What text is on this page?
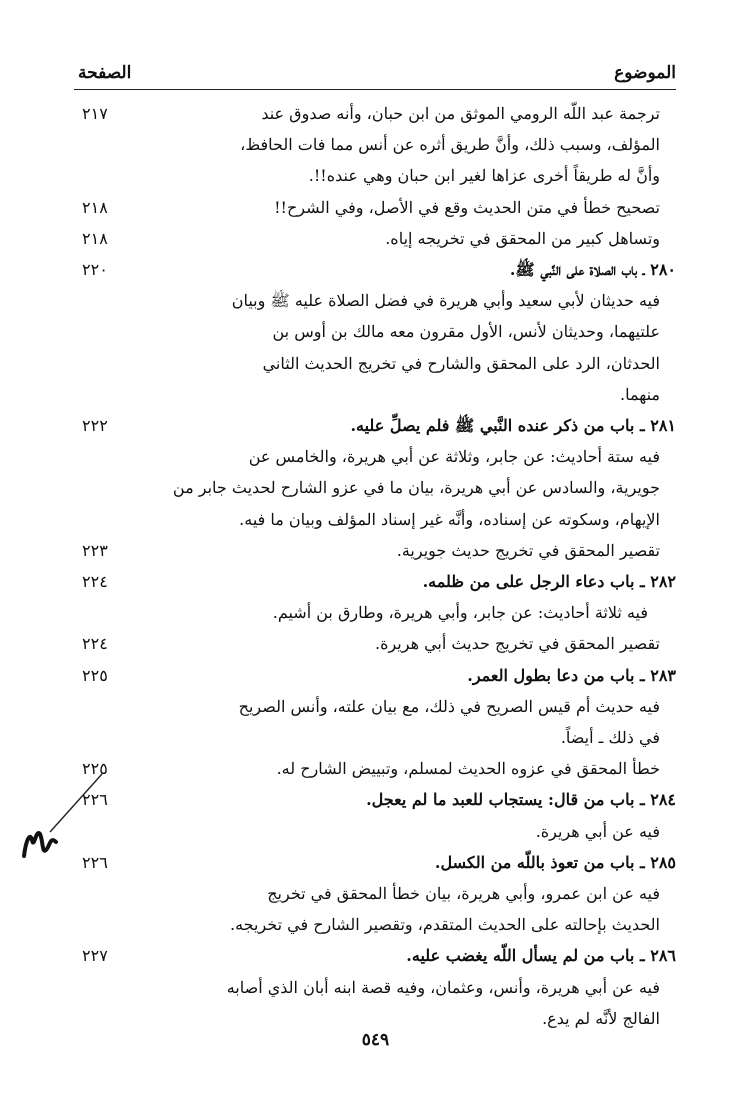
الموضوع
الصفحة
ترجمة عبد اللّه الرومي الموثق من ابن حبان، وأنه صدوق عند
٢١٧
المؤلف، وسبب ذلك، وأنَّ طريق أثره عن أنس مما فات الحافظ،
وأنَّ له طريقاً أخرى عزاها لغير ابن حبان وهي عنده!!.
تصحيح خطأ في متن الحديث وقع في الأصل، وفي الشرح!!
٢١٨
وتساهل كبير من المحقق في تخريجه إياه.
٢١٨
٢٨٠ ـ باب الصلاة على النَّبي ﷺ.
٢٢٠
فيه حديثان لأبي سعيد وأبي هريرة في فضل الصلاة عليه ﷺ وبيان
علتيهما، وحديثان لأنس، الأول مقرون معه مالك بن أوس بن
الحدثان، الرد على المحقق والشارح في تخريج الحديث الثاني
منهما.
٢٨١ ـ باب من ذكر عنده النَّبي ﷺ فلم يصلِّ عليه.
٢٢٢
فيه ستة أحاديث: عن جابر، وثلاثة عن أبي هريرة، والخامس عن
جويرية، والسادس عن أبي هريرة، بيان ما في عزو الشارح لحديث جابر من
الإيهام، وسكوته عن إسناده، وأنَّه غير إسناد المؤلف وبيان ما فيه.
تقصير المحقق في تخريج حديث جويرية.
٢٢٣
٢٨٢ ـ باب دعاء الرجل على من ظلمه.
٢٢٤
فيه ثلاثة أحاديث: عن جابر، وأبي هريرة، وطارق بن أشيم.
تقصير المحقق في تخريج حديث أبي هريرة.
٢٢٤
٢٨٣ ـ باب من دعا بطول العمر.
٢٢٥
فيه حديث أم قيس الصريح في ذلك، مع بيان علته، وأنس الصريح
في ذلك ـ أيضاً.
خطأ المحقق في عزوه الحديث لمسلم، وتبييض الشارح له.
٢٢٥
٢٨٤ ـ باب من قال: يستجاب للعبد ما لم يعجل.
٢٢٦
فيه عن أبي هريرة.
٢٨٥ ـ باب من تعوذ باللّه من الكسل.
٢٢٦
فيه عن ابن عمرو، وأبي هريرة، بيان خطأ المحقق في تخريج
الحديث بإحالته على الحديث المتقدم، وتقصير الشارح في تخريجه.
٢٨٦ ـ باب من لم يسأل اللّه يغضب عليه.
٢٢٧
فيه عن أبي هريرة، وأنس، وعثمان، وفيه قصة ابنه أبان الذي أصابه
الفالج لأنَّه لم يدع.
٥٤٩
